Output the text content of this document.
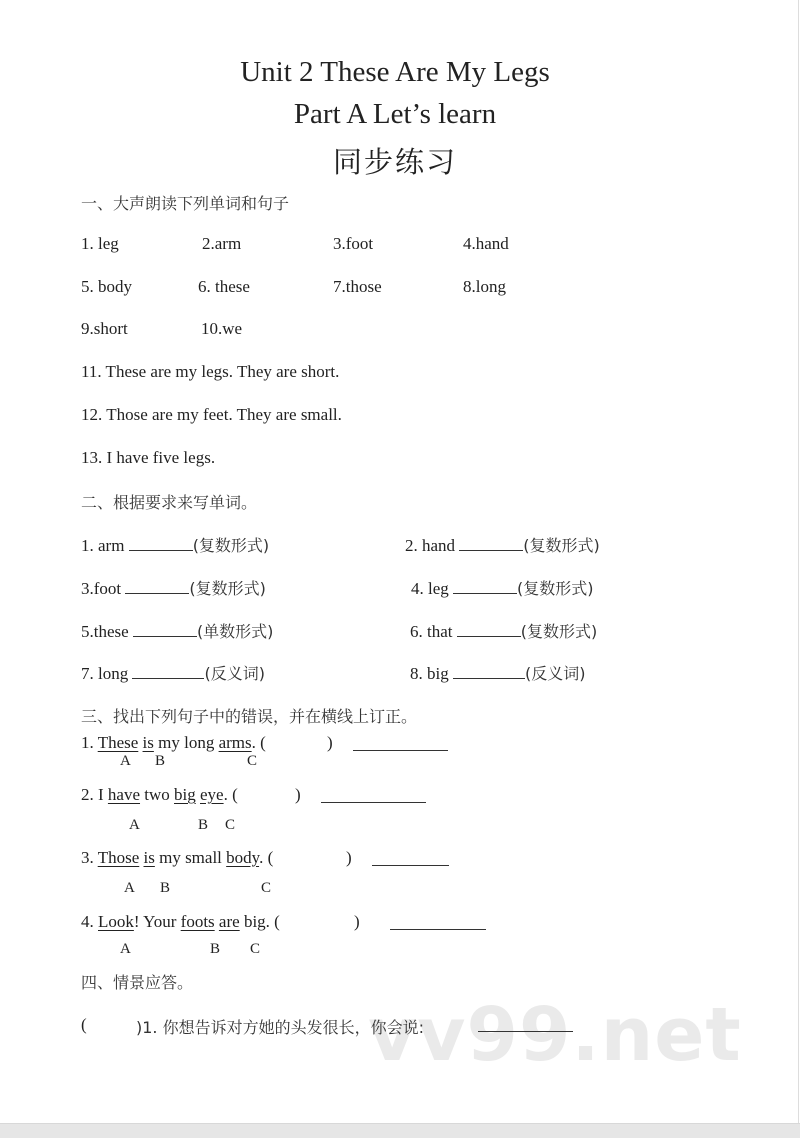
Unit 2 These Are My Legs
Part A Let’s learn
同步练习
一、大声朗读下列单词和句子
1. leg	2.arm	3.foot	4.hand
5. body	6. these	7.those	8.long
9.short	10.we
11. These are my legs. They are short.
12. Those are my feet. They are small.
13. I have five legs.
二、根据要求来写单词。
1. arm	(复数形式)	2. hand	(复数形式)
3.foot	(复数形式)	4. leg	(复数形式)
5.these	(单数形式)	6. that	(复数形式)
7. long	(反义词)	8. big	(反义词)
三、找出下列句子中的错误，并在横线上订正。
1. These is my long arms. (	)
A B	C
2. I have two big eye. (	)
A	B C
3. Those is my small body. (	)
A B	C
4. Look! Your foots are big. (	)
A	B C
四、情景应答。
vv99.net
(	)1. 你想告诉对方她的头发很长，你会说:
